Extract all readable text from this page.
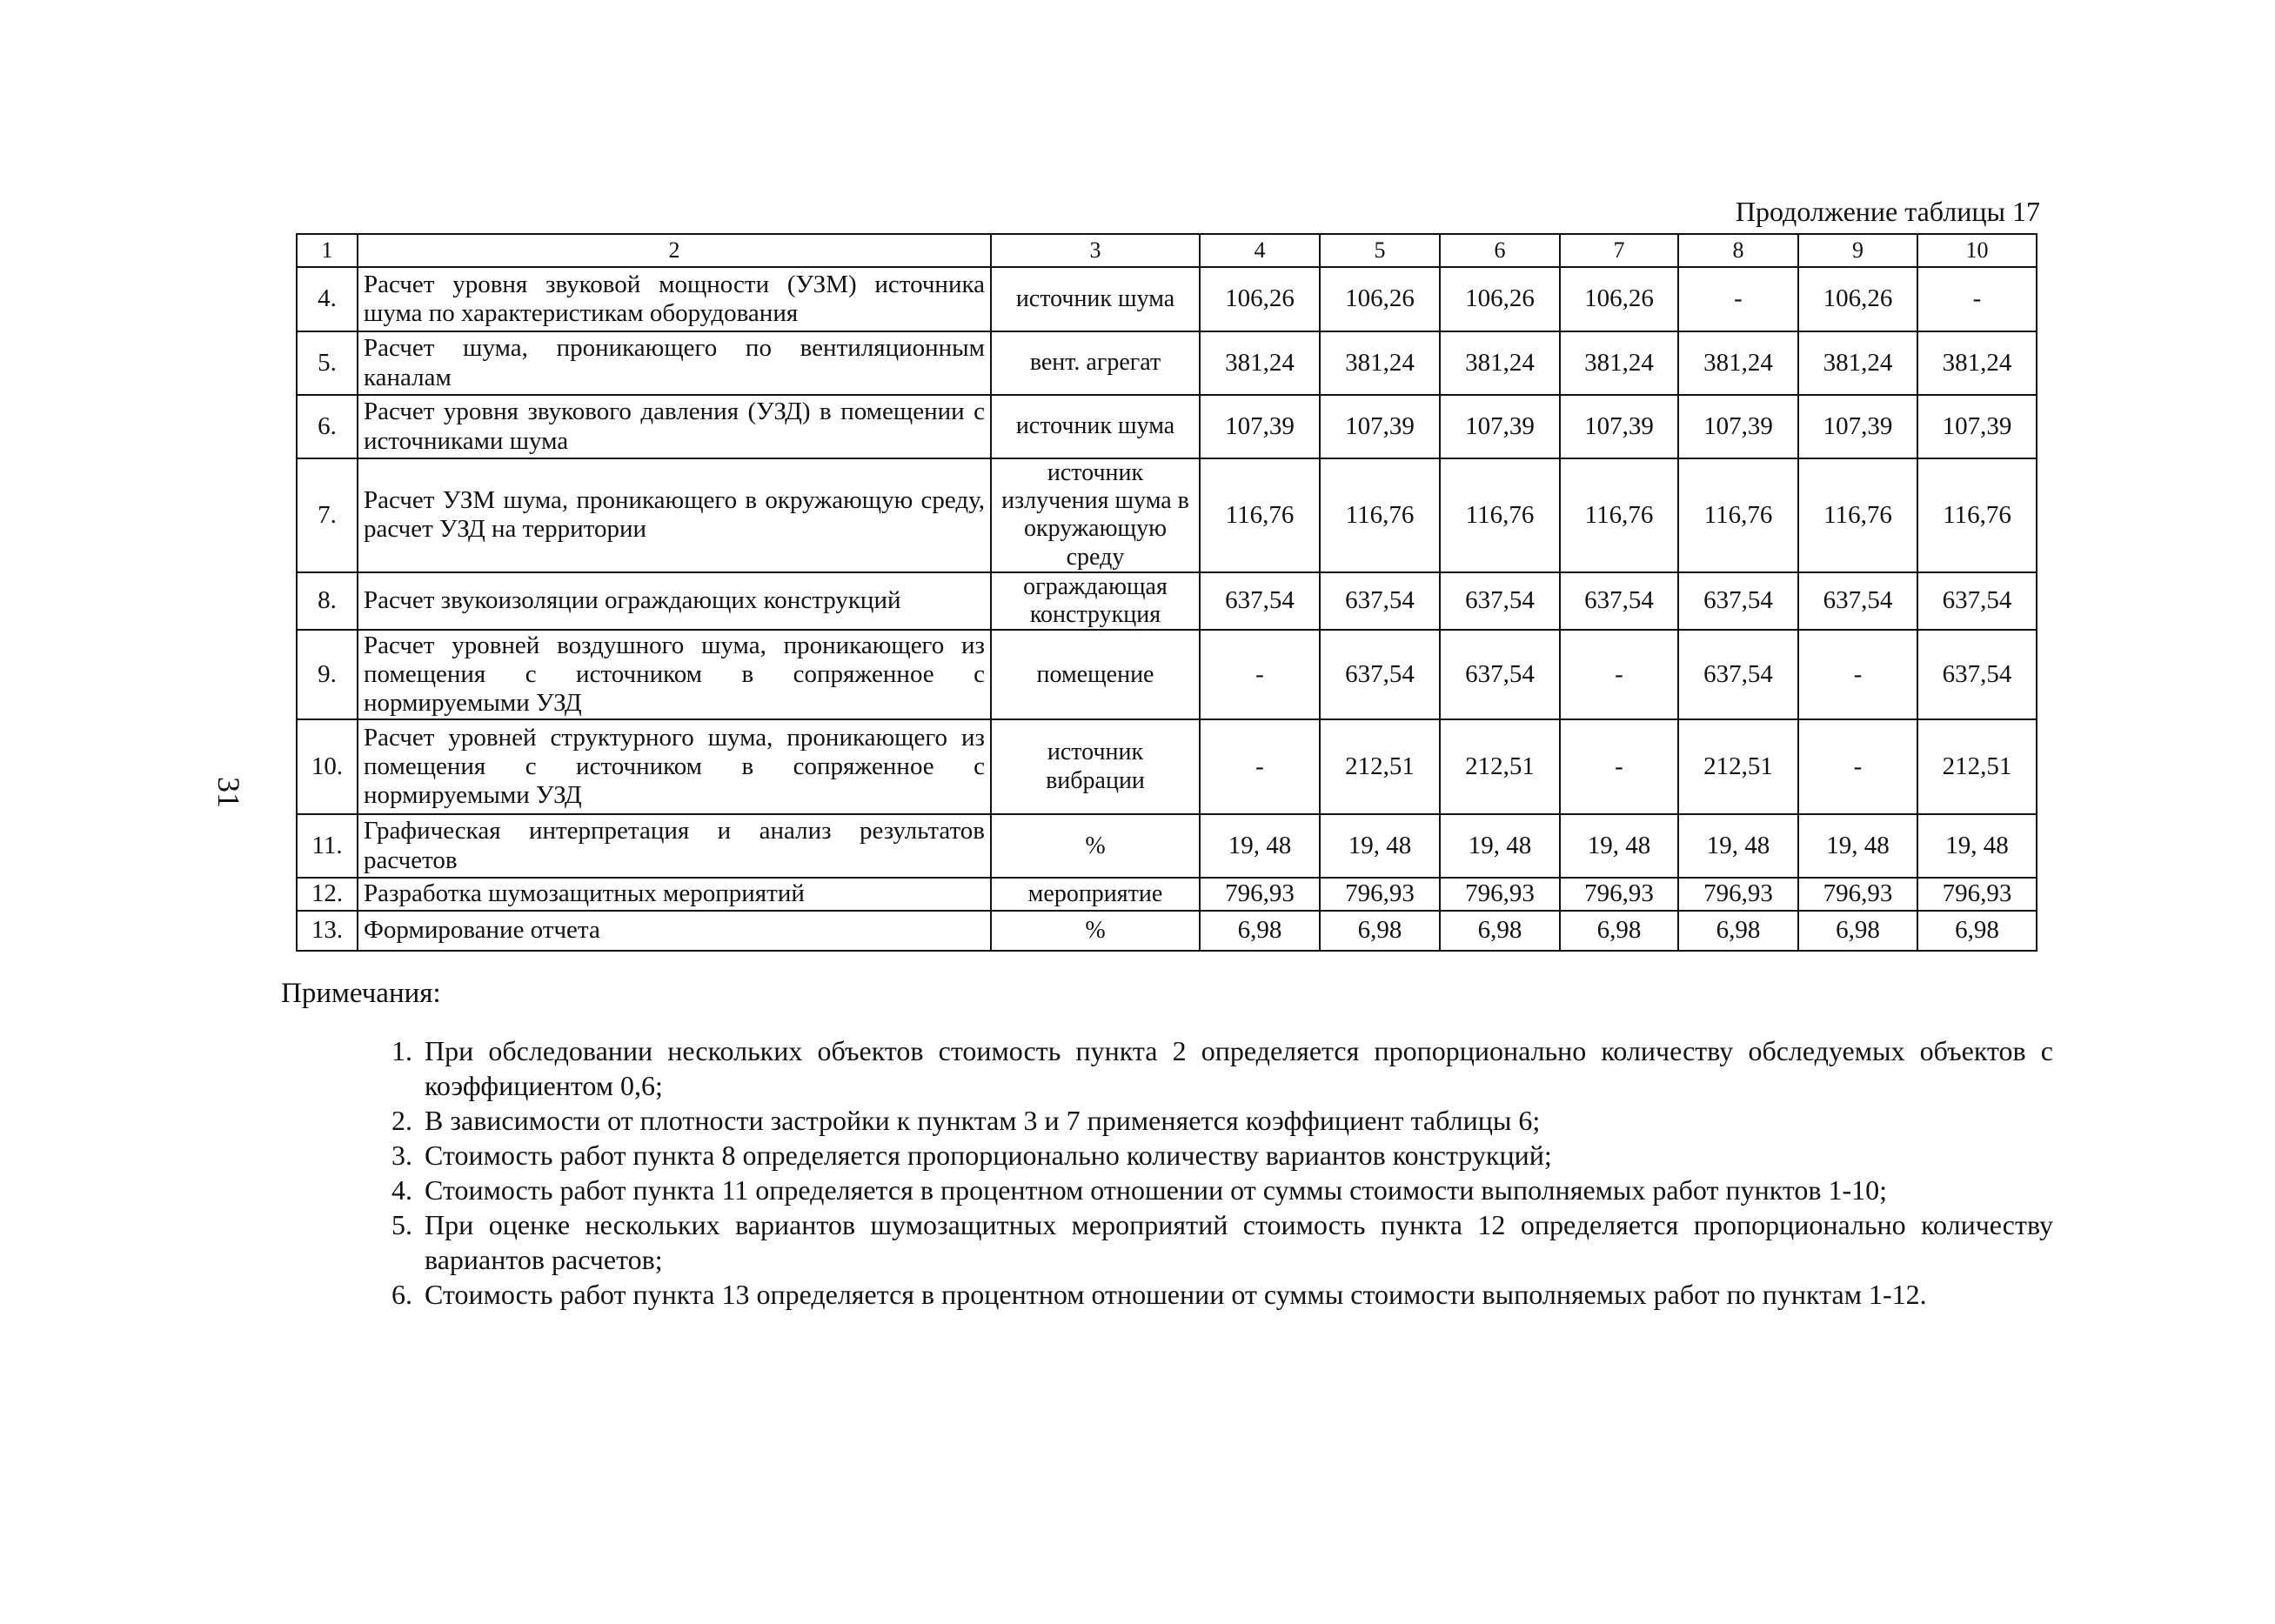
Продолжение таблицы 17
1	2	3	4	5	6	7	8	9	10
4.	Расчет уровня звуковой мощности (УЗМ) источника шума по характеристикам оборудования	источник шума	106,26	106,26	106,26	106,26	-	106,26	-
5.	Расчет шума, проникающего по вентиляционным каналам	вент. агрегат	381,24	381,24	381,24	381,24	381,24	381,24	381,24
6.	Расчет уровня звукового давления (УЗД) в помещении с источниками шума	источник шума	107,39	107,39	107,39	107,39	107,39	107,39	107,39
7.	Расчет УЗМ шума, проникающего в окружающую среду, расчет УЗД на территории	источник излучения шума в окружающую среду	116,76	116,76	116,76	116,76	116,76	116,76	116,76
8.	Расчет звукоизоляции ограждающих конструкций	ограждающая конструкция	637,54	637,54	637,54	637,54	637,54	637,54	637,54
9.	Расчет уровней воздушного шума, проникающего из помещения с источником в сопряженное с нормируемыми УЗД	помещение	-	637,54	637,54	-	637,54	-	637,54
10.	Расчет уровней структурного шума, проникающего из помещения с источником в сопряженное с нормируемыми УЗД	источник вибрации	-	212,51	212,51	-	212,51	-	212,51
11.	Графическая интерпретация и анализ результатов расчетов	%	19, 48	19, 48	19, 48	19, 48	19, 48	19, 48	19, 48
12.	Разработка шумозащитных мероприятий	мероприятие	796,93	796,93	796,93	796,93	796,93	796,93	796,93
13.	Формирование отчета	%	6,98	6,98	6,98	6,98	6,98	6,98	6,98
Примечания:
1. При обследовании нескольких объектов стоимость пункта 2 определяется пропорционально количеству обследуемых объектов с коэффициентом 0,6;
2. В зависимости от плотности застройки к пунктам 3 и 7 применяется коэффициент таблицы 6;
3. Стоимость работ пункта 8 определяется пропорционально количеству вариантов конструкций;
4. Стоимость работ пункта 11 определяется в процентном отношении от суммы стоимости выполняемых работ пунктов 1-10;
5. При оценке нескольких вариантов шумозащитных мероприятий стоимость пункта 12 определяется пропорционально количеству вариантов расчетов;
6. Стоимость работ пункта 13 определяется в процентном отношении от суммы стоимости выполняемых работ по пунктам 1-12.
31
